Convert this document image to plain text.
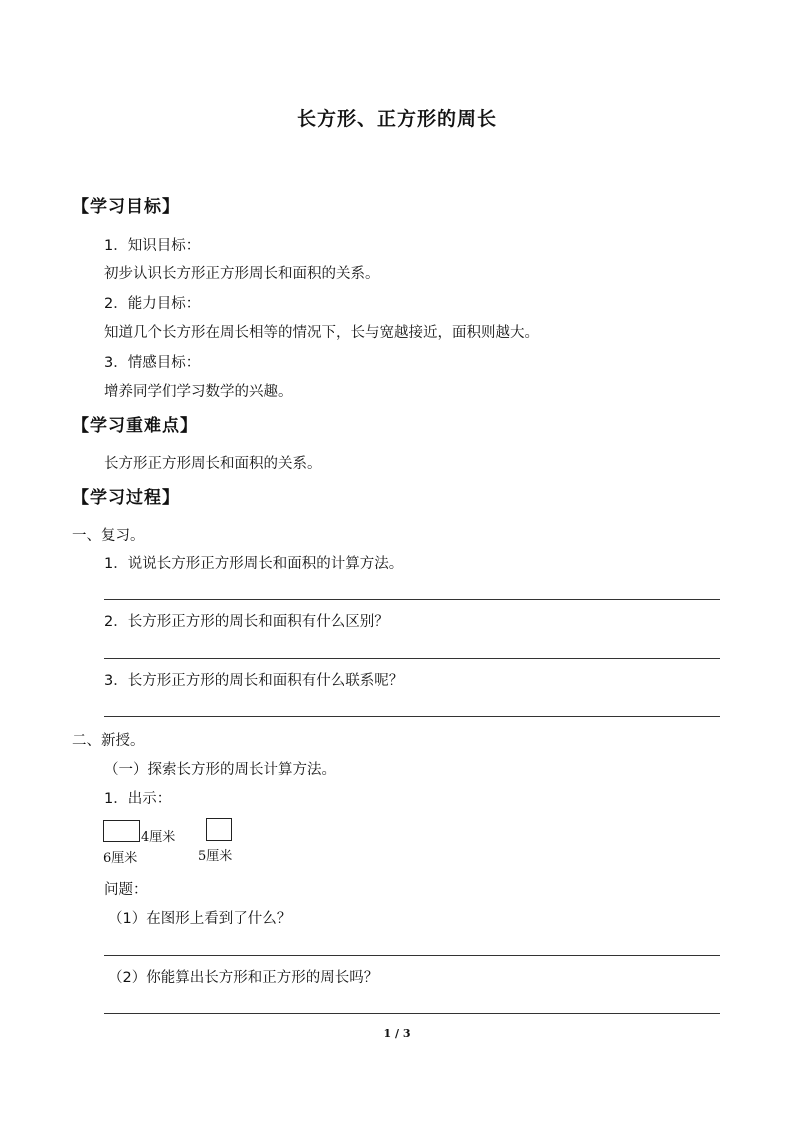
长方形、正方形的周长
【学习目标】
1．知识目标：
初步认识长方形正方形周长和面积的关系。
2．能力目标：
知道几个长方形在周长相等的情况下，长与宽越接近，面积则越大。
3．情感目标：
增养同学们学习数学的兴趣。
【学习重难点】
长方形正方形周长和面积的关系。
【学习过程】
一、复习。
1．说说长方形正方形周长和面积的计算方法。
2．长方形正方形的周长和面积有什么区别？
3．长方形正方形的周长和面积有什么联系呢？
二、新授。
（一）探索长方形的周长计算方法。
1．出示：
4厘米
6厘米	5厘米
问题：
（1）在图形上看到了什么？
（2）你能算出长方形和正方形的周长吗？
1 / 3
